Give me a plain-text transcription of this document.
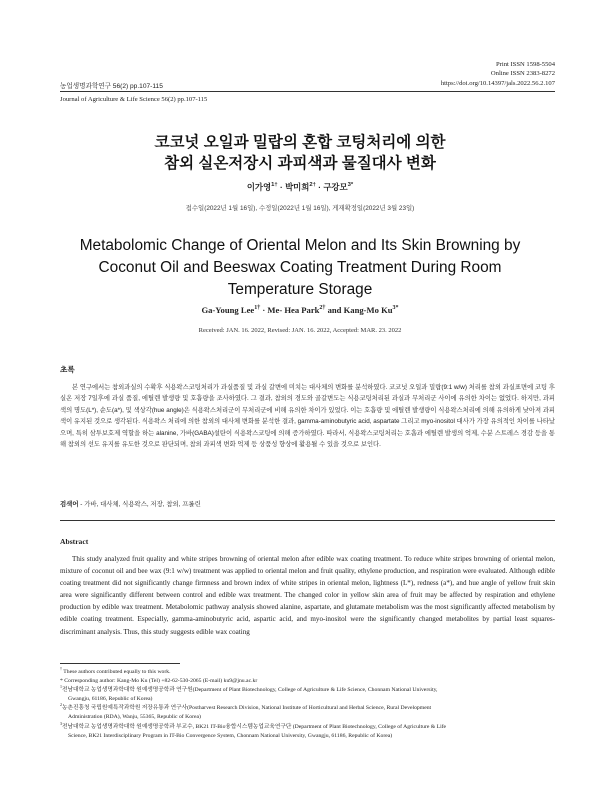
Print ISSN 1598-5504
Online ISSN 2383-8272
https://doi.org/10.14397/jals.2022.56.2.107
농업생명과학연구 56(2) pp.107-115
Journal of Agriculture & Life Science 56(2) pp.107-115
코코넛 오일과 밀랍의 혼합 코팅처리에 의한
참외 실온저장시 과피색과 물질대사 변화
이가영$^{1\dagger}$ · 박미희$^{2\dagger}$ · 구강모$^{3*}$
접수일(2022년 1월 16일), 수정일(2022년 1월 16일), 게재확정일(2022년 3월 23일)
Metabolomic Change of Oriental Melon and Its Skin Browning by
Coconut Oil and Beeswax Coating Treatment During Room
Temperature Storage
Ga-Young Lee$^{1\dagger}$ · Me- Hea Park$^{2\dagger}$ and Kang-Mo $Ku^{3*}$
Received: JAN. 16. 2022, Revised: JAN. 16. 2022, Accepted: MAR. 23. 2022
초록
본 연구에서는 참외과실의 수확후 식용왁스코팅처리가 과실품질 및 과실 갈변에 미치는 대사체의 변화를 분석하였다. 코코넛 오일과 밀랍(9:1 w/w) 처리를 참외 과실표면에 코팅 후 실온 저장 7일후에 과실 품질, 에틸렌 발생량 및 호흡량을 조사하였다. 그 결과, 참외의 경도와 골갈변도는 식용코팅처리된 과실과 무처리군 사이에 유의한 차이는 없었다. 하지만, 과피색의 명도(L*), 순도(a*), 및 색상각(hue angle)은 식용왁스처리군이 무처리군에 비해 유의한 차이가 있었다. 이는 호흡량 및 에틸렌 발생량이 식용왁스처리에 의해 유의하게 낮아져 과피색이 유지된 것으로 생각된다. 식용왁스 처리에 의한 참외의 대사체 변화를 분석한 결과, gamma-aminobutyric acid, aspartate 그리고 myo-inositol 대사가 가장 유의적인 차이를 나타났으며, 특히 삼투보호제 역할을 하는 alanine, 가바(GABA)설탄이 식용왁스코팅에 의해 증가하였다. 따라서, 식용왁스코팅처리는 호흡과 에틸렌 발생의 억제, 수분 스트레스 경감 등을 통해 참외의 선도 유지를 유도한 것으로 판단되며, 참외 과피색 변화 억제 등 상품성 향상에 활용될 수 있을 것으로 보인다.
검색어 - 가바, 대사체, 식용왁스, 저장, 참외, 프롤린
Abstract
This study analyzed fruit quality and white stripes browning of oriental melon after edible wax coating treatment. To reduce white stripes browning of oriental melon, mixture of coconut oil and bee wax (9:1 w/w) treatment was applied to oriental melon and fruit quality, ethylene production, and respiration were evaluated. Although edible coating treatment did not significantly change firmness and brown index of white stripes in oriental melon, lightness (L*), redness (a*), and hue angle of yellow fruit skin area were significantly different between control and edible wax treatment. The changed color in yellow skin area of fruit may be affected by respiration and ethylene production by edible wax treatment. Metabolomic pathway analysis showed alanine, aspartate, and glutamate metabolism was the most significantly affected metabolism by edible coating treatment. Especially, gamma-aminobutyric acid, aspartic acid, and myo-inositol were the significantly changed metabolites by partial least squares-discriminant analysis. Thus, this study suggests edible wax coating

† These authors contributed equally to this work.

* Corresponding author: Kang-Mo Ku (Tel) +82-62-530-2065 (E-mail) ku9@jnu.ac.kr

$^1$전남대학교 농업생명과학대학 원예생명공학과 연구원(Department of Plant Biotechnology, College of Agriculture & Life Science, Chonnam National University,

Gwangju, 61186, Republic of Korea)

$^2$농촌진흥청 국립원예특작과학원 저장유통과 연구사(Postharvest Research Division, National Institute of Horticultural and Herbal Science, Rural Development

Administration (RDA), Wanju, 55365, Republic of Korea)

$^3$전남대학교 농업생명과학대학 원예생명공학과 부교수, BK21 IT-Bio융합시스템농업교육연구단 (Department of Plant Biotechnology, College of Agriculture & Life

Science, BK21 Interdisciplinary Program in IT-Bio Convergence System, Chonnam National University, Gwangju, 61186, Republic of Korea)
